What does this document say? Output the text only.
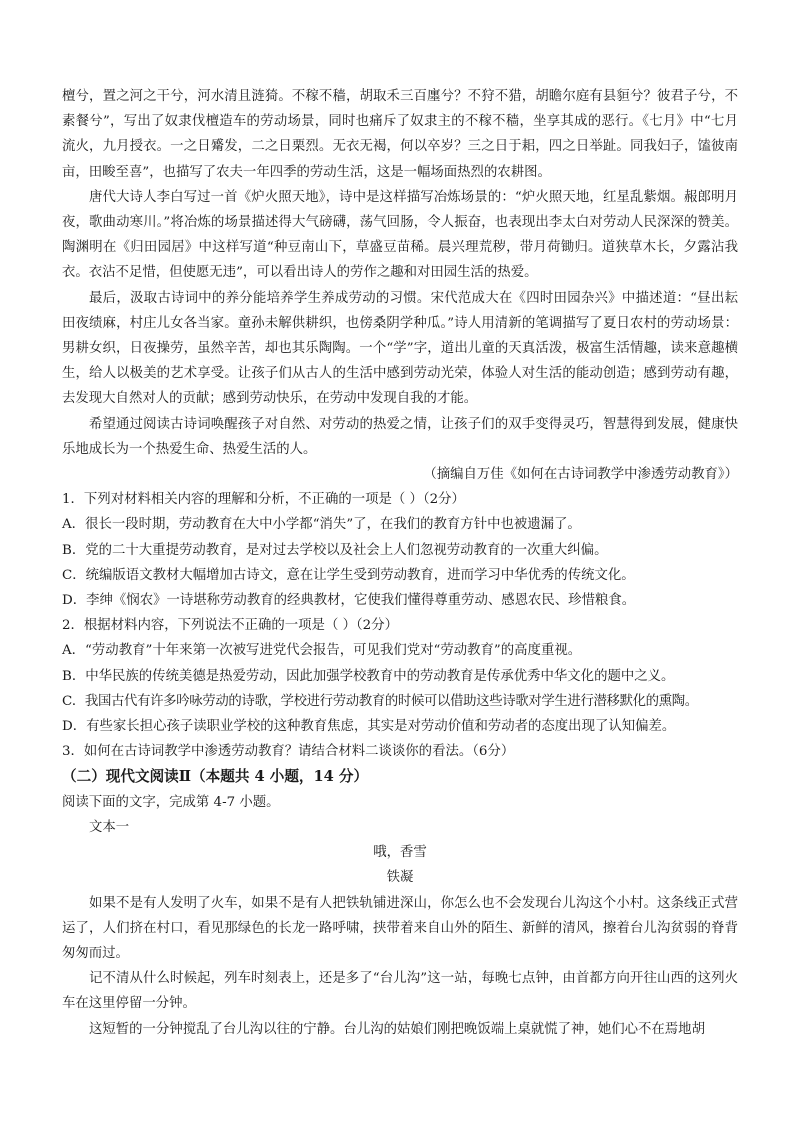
檀兮，置之河之干兮，河水清且涟猗。不稼不穑，胡取禾三百廛兮？不狩不猎，胡瞻尔庭有县貆兮？彼君子兮，不素餐兮”，写出了奴隶伐檀造车的劳动场景，同时也痛斥了奴隶主的不稼不穑，坐享其成的恶行。《七月》中“七月流火，九月授衣。一之日觱发，二之日栗烈。无衣无褐，何以卒岁？三之日于耜，四之日举趾。同我妇子，馌彼南亩，田畯至喜”，也描写了农夫一年四季的劳动生活，这是一幅场面热烈的农耕图。

唐代大诗人李白写过一首《炉火照天地》，诗中是这样描写冶炼场景的：“炉火照天地，红星乱紫烟。赧郎明月夜，歌曲动寒川。”将冶炼的场景描述得大气磅礴，荡气回肠，令人振奋，也表现出李太白对劳动人民深深的赞美。陶渊明在《归田园居》中这样写道“种豆南山下，草盛豆苗稀。晨兴理荒秽，带月荷锄归。道狭草木长，夕露沾我衣。衣沾不足惜，但使愿无违”，可以看出诗人的劳作之趣和对田园生活的热爱。

最后，汲取古诗词中的养分能培养学生养成劳动的习惯。宋代范成大在《四时田园杂兴》中描述道：“昼出耘田夜绩麻，村庄儿女各当家。童孙未解供耕织，也傍桑阴学种瓜。”诗人用清新的笔调描写了夏日农村的劳动场景：男耕女织，日夜操劳，虽然辛苦，却也其乐陶陶。一个“学”字，道出儿童的天真活泼，极富生活情趣，读来意趣横生，给人以极美的艺术享受。让孩子们从古人的生活中感到劳动光荣，体验人对生活的能动创造；感到劳动有趣，去发现大自然对人的贡献；感到劳动快乐，在劳动中发现自我的才能。

希望通过阅读古诗词唤醒孩子对自然、对劳动的热爱之情，让孩子们的双手变得灵巧，智慧得到发展，健康快乐地成长为一个热爱生命、热爱生活的人。

（摘编自万佳《如何在古诗词教学中渗透劳动教育》）

1．下列对材料相关内容的理解和分析，不正确的一项是（ ）（2分）

A．很长一段时期，劳动教育在大中小学都“消失”了，在我们的教育方针中也被遗漏了。

B．党的二十大重提劳动教育，是对过去学校以及社会上人们忽视劳动教育的一次重大纠偏。

C．统编版语文教材大幅增加古诗文，意在让学生受到劳动教育，进而学习中华优秀的传统文化。

D．李绅《悯农》一诗堪称劳动教育的经典教材，它使我们懂得尊重劳动、感恩农民、珍惜粮食。

2．根据材料内容，下列说法不正确的一项是（ ）（2分）

A．“劳动教育”十年来第一次被写进党代会报告，可见我们党对“劳动教育”的高度重视。

B．中华民族的传统美德是热爱劳动，因此加强学校教育中的劳动教育是传承优秀中华文化的题中之义。

C．我国古代有许多吟咏劳动的诗歌，学校进行劳动教育的时候可以借助这些诗歌对学生进行潜移默化的熏陶。

D．有些家长担心孩子读职业学校的这种教育焦虑，其实是对劳动价值和劳动者的态度出现了认知偏差。

3．如何在古诗词教学中渗透劳动教育？请结合材料二谈谈你的看法。（6分）

（二）现代文阅读Ⅱ（本题共 4 小题，14 分）

阅读下面的文字，完成第 4-7 小题。

文本一

哦，香雪

铁凝

如果不是有人发明了火车，如果不是有人把铁轨铺进深山，你怎么也不会发现台儿沟这个小村。这条线正式营运了，人们挤在村口，看见那绿色的长龙一路呼啸，挟带着来自山外的陌生、新鲜的清风，擦着台儿沟贫弱的脊背匆匆而过。

记不清从什么时候起，列车时刻表上，还是多了“台儿沟”这一站，每晚七点钟，由首都方向开往山西的这列火车在这里停留一分钟。

这短暂的一分钟搅乱了台儿沟以往的宁静。台儿沟的姑娘们刚把晚饭端上桌就慌了神，她们心不在焉地胡
